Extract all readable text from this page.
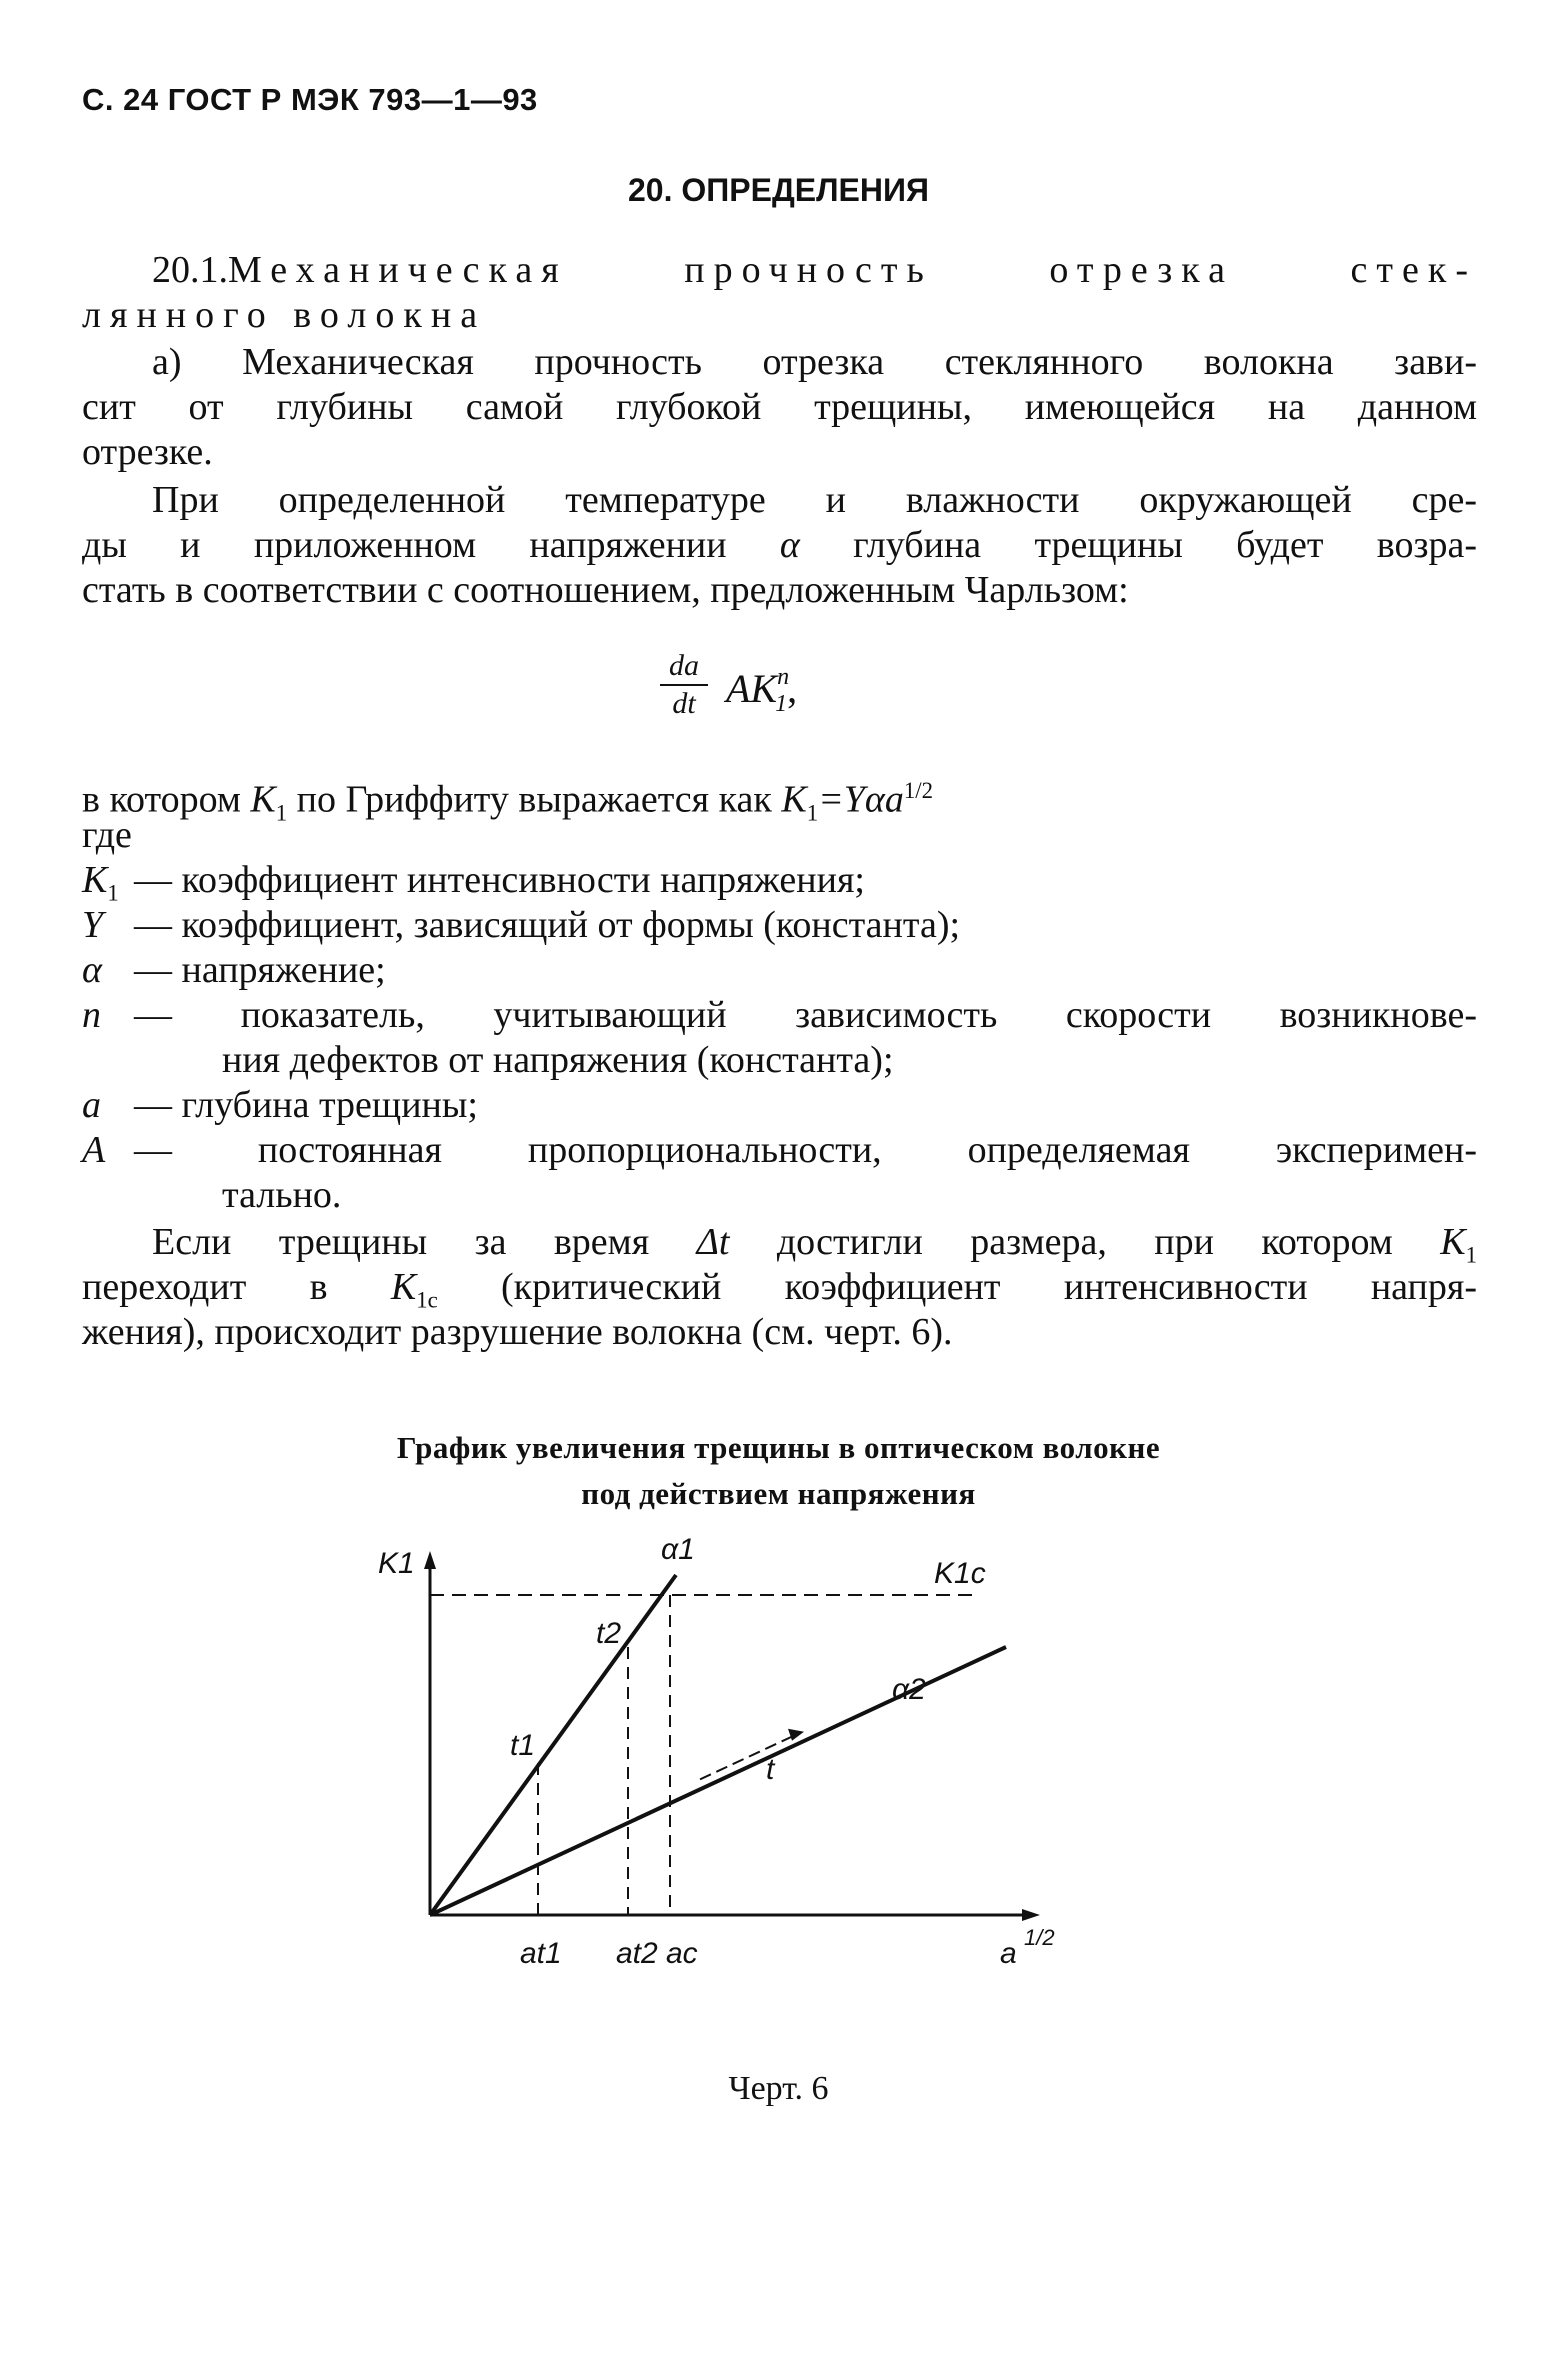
С. 24 ГОСТ Р МЭК 793—1—93
20. ОПРЕДЕЛЕНИЯ
20.1.Механическая прочность отрезка стек-
лянного волокна
а) Механическая прочность отрезка стеклянного волокна зави-
сит от глубины самой глубокой трещины, имеющейся на данном
отрезке.
При определенной температуре и влажности окружающей сре-
ды и приложенном напряжении α глубина трещины будет возра-
стать в соответствии с соотношением, предложенным Чарльзом:
$\frac{da}{dt} AK^n_1$,
в котором $K_1$ по Гриффиту выражается как $K_1=Y\alpha a^{1/2}$
где
$K_1$ — коэффициент интенсивности напряжения;
Y — коэффициент, зависящий от формы (константа);
α — напряжение;
n — показатель, учитывающий зависимость скорости возникнове-
ния дефектов от напряжения (константа);
a — глубина трещины;
A — постоянная пропорциональности, определяемая эксперимен-
тально.
Если трещины за время Δt достигли размера, при котором $K_1$
переходит в $K_{1c}$ (критический коэффициент интенсивности напря-
жения), происходит разрушение волокна (см. черт. 6).
График увеличения трещины в оптическом волокне
под действием напряжения
K1
a 1/2
K1c
α1
α2
t1
t2
at1 at2 ac
t
Черт. 6
